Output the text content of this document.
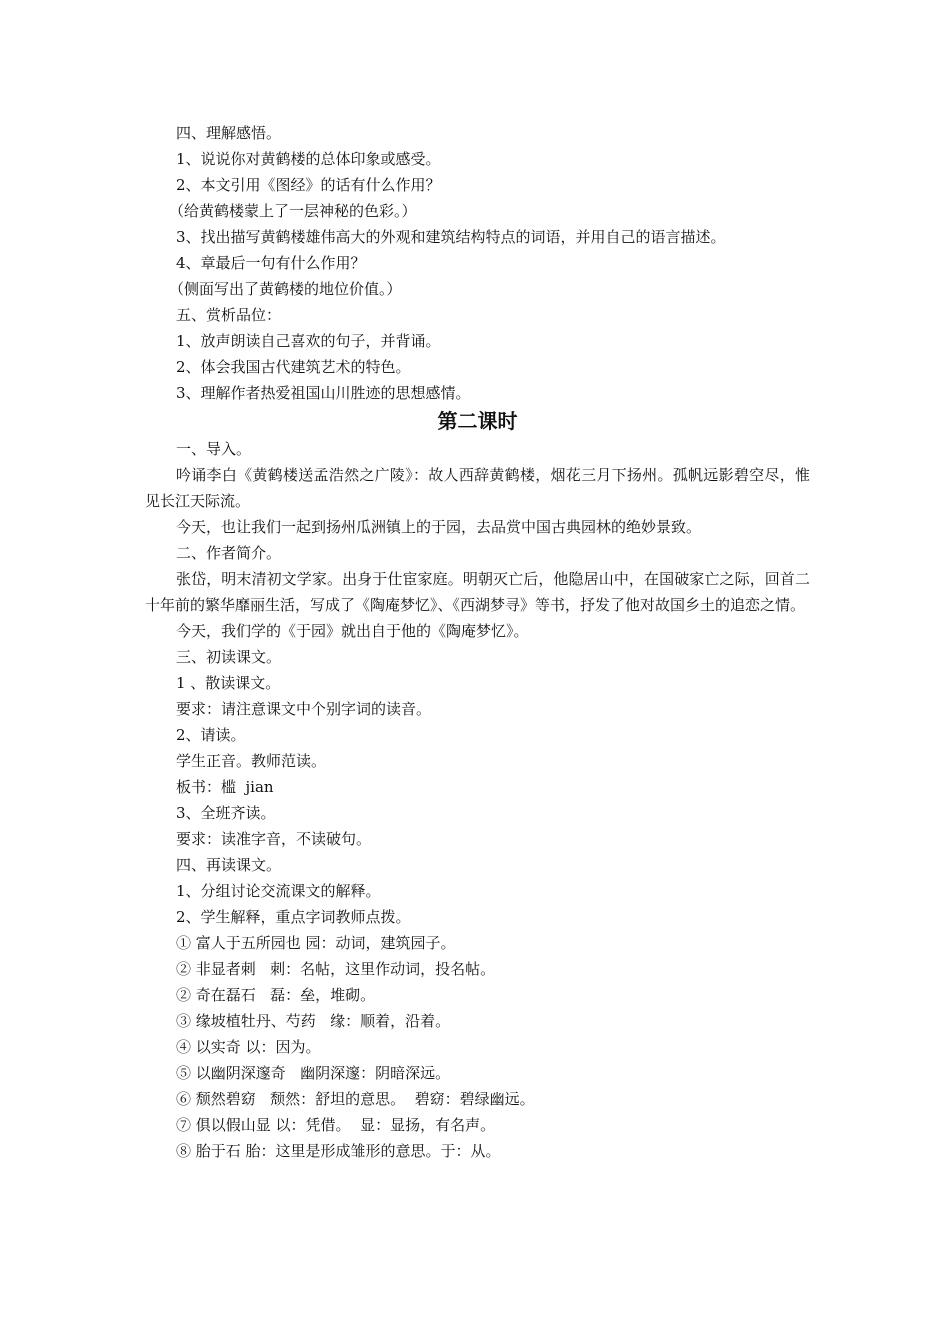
四、理解感悟。

1、说说你对黄鹤楼的总体印象或感受。

2、本文引用《图经》的话有什么作用？

（给黄鹤楼蒙上了一层神秘的色彩。）

3、找出描写黄鹤楼雄伟高大的外观和建筑结构特点的词语，并用自己的语言描述。

4、章最后一句有什么作用？

（侧面写出了黄鹤楼的地位价值。）

五、赏析品位：

1、放声朗读自己喜欢的句子，并背诵。

2、体会我国古代建筑艺术的特色。

3、理解作者热爱祖国山川胜迹的思想感情。

第二课时

一、导入。

吟诵李白《黄鹤楼送孟浩然之广陵》：故人西辞黄鹤楼，烟花三月下扬州。孤帆远影碧空尽，惟见长江天际流。

今天，也让我们一起到扬州瓜洲镇上的于园，去品赏中国古典园林的绝妙景致。

二、作者简介。

张岱，明末清初文学家。出身于仕宦家庭。明朝灭亡后，他隐居山中，在国破家亡之际，回首二十年前的繁华靡丽生活，写成了《陶庵梦忆》、《西湖梦寻》等书，抒发了他对故国乡土的追恋之情。

今天，我们学的《于园》就出自于他的《陶庵梦忆》。

三、初读课文。

1 、散读课文。

要求：请注意课文中个别字词的读音。

2、请读。

学生正音。教师范读。

板书：槛  jian

3、全班齐读。

要求：读准字音，不读破句。

四、再读课文。

1、分组讨论交流课文的解释。

2、学生解释，重点字词教师点拨。

① 富人于五所园也 园：动词，建筑园子。

② 非显者刺   刺：名帖，这里作动词，投名帖。

② 奇在磊石   磊：垒，堆砌。

③ 缘坡植牡丹、芍药   缘：顺着，沿着。

④ 以实奇 以：因为。

⑤ 以幽阴深邃奇   幽阴深邃：阴暗深远。

⑥ 颓然碧窈   颓然：舒坦的意思。  碧窈：碧绿幽远。

⑦ 俱以假山显 以：凭借。  显：显扬，有名声。

⑧ 胎于石 胎：这里是形成雏形的意思。于：从。
